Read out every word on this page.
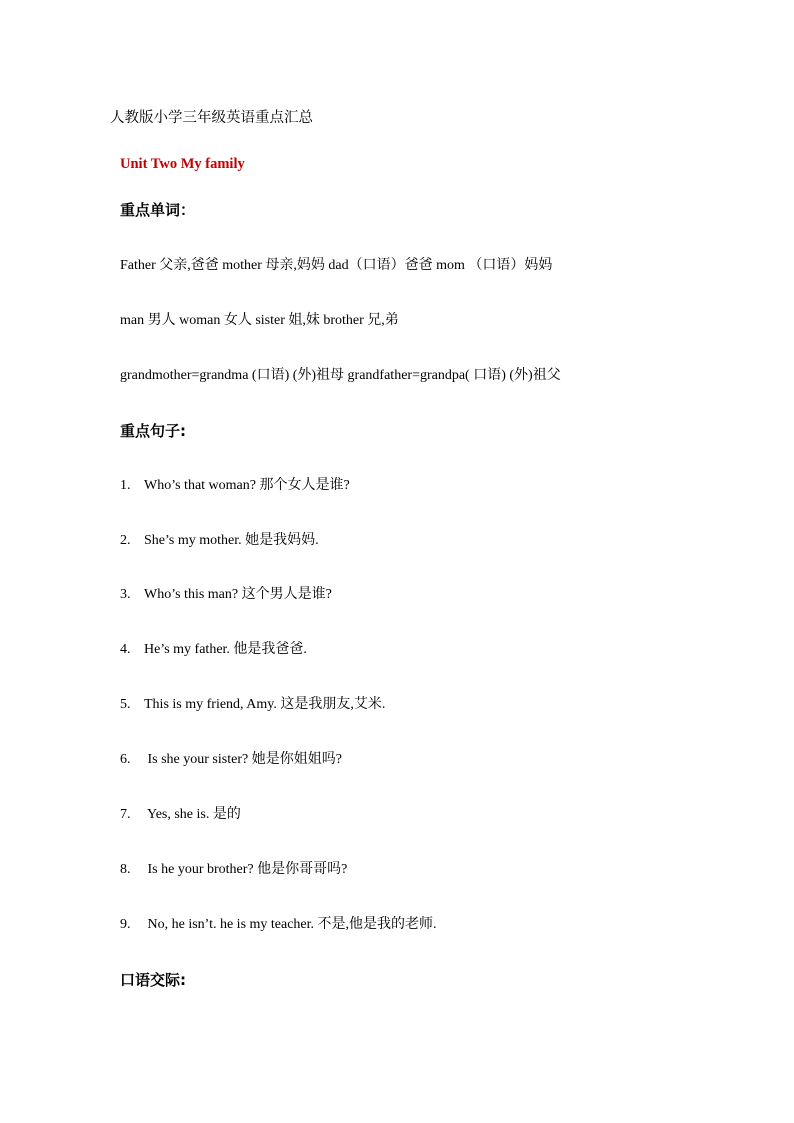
人教版小学三年级英语重点汇总
Unit Two My family
重点单词：
Father 父亲,爸爸 mother 母亲,妈妈 dad（口语）爸爸 mom （口语）妈妈
man 男人 woman 女人 sister 姐,妹 brother 兄,弟
grandmother=grandma (口语) (外)祖母 grandfather=grandpa( 口语) (外)祖父
重点句子:
1. Who’s that woman? 那个女人是谁?
2. She’s my mother. 她是我妈妈.
3. Who’s this man? 这个男人是谁?
4. He’s my father. 他是我爸爸.
5. This is my friend, Amy. 这是我朋友,艾米.
6. Is she your sister? 她是你姐姐吗?
7. Yes, she is. 是的
8. Is he your brother? 他是你哥哥吗?
9. No, he isn’t. he is my teacher. 不是,他是我的老师.
口语交际:
